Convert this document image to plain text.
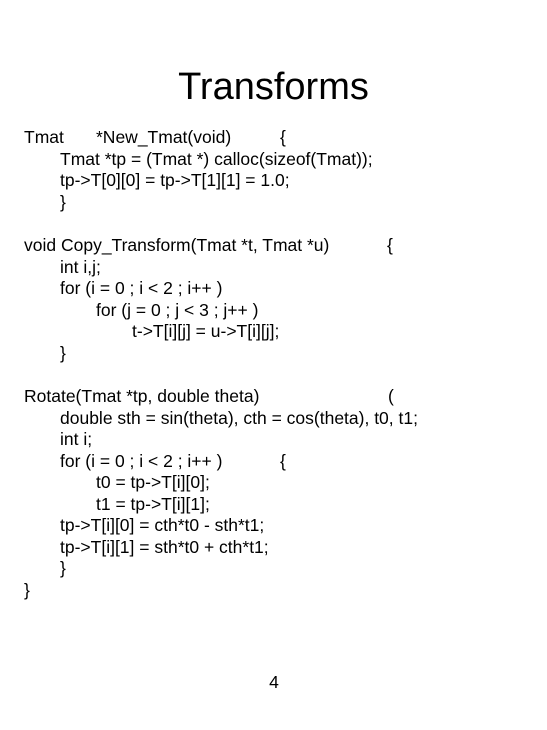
Transforms

Tmat

*New_Tmat(void)

	{

Tmat *tp = (Tmat *) calloc(sizeof(Tmat));

tp->T[0][0] = tp->T[1][1] = 1.0;

}

void Copy_Transform(Tmat *t, Tmat *u)

	{

int i,j;

for (i = 0 ; i < 2 ; i++ )

for (j = 0 ; j < 3 ; j++ )

t->T[i][j] = u->T[i][j];

}

Rotate(Tmat *tp, double theta)

	(

double sth = sin(theta), cth = cos(theta), t0, t1;

int i;

for (i = 0 ; i < 2 ; i++ )

	{

t0 = tp->T[i][0];

t1 = tp->T[i][1];

tp->T[i][0] = cth*t0 - sth*t1;

tp->T[i][1] = sth*t0 + cth*t1;

}

}

4
